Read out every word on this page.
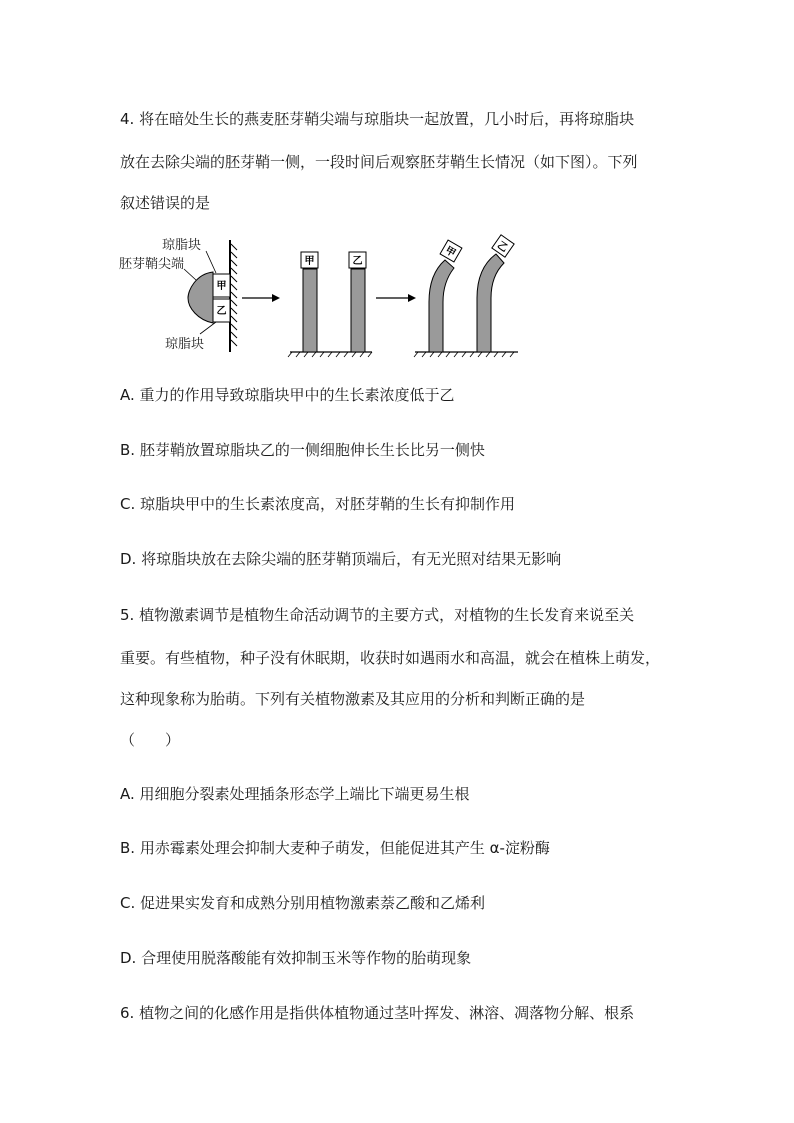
4. 将在暗处生长的燕麦胚芽鞘尖端与琼脂块一起放置，几小时后，再将琼脂块
放在去除尖端的胚芽鞘一侧，一段时间后观察胚芽鞘生长情况（如下图）。下列
叙述错误的是
甲
乙
琼脂块
胚芽鞘尖端
琼脂块
甲	乙
甲	乙
A. 重力的作用导致琼脂块甲中的生长素浓度低于乙
B. 胚芽鞘放置琼脂块乙的一侧细胞伸长生长比另一侧快
C. 琼脂块甲中的生长素浓度高，对胚芽鞘的生长有抑制作用
D. 将琼脂块放在去除尖端的胚芽鞘顶端后，有无光照对结果无影响
5. 植物激素调节是植物生命活动调节的主要方式，对植物的生长发育来说至关
重要。有些植物，种子没有休眠期，收获时如遇雨水和高温，就会在植株上萌发，
这种现象称为胎萌。下列有关植物激素及其应用的分析和判断正确的是
（　　）
A. 用细胞分裂素处理插条形态学上端比下端更易生根
B. 用赤霉素处理会抑制大麦种子萌发，但能促进其产生 α-淀粉酶
C. 促进果实发育和成熟分别用植物激素萘乙酸和乙烯利
D. 合理使用脱落酸能有效抑制玉米等作物的胎萌现象
6. 植物之间的化感作用是指供体植物通过茎叶挥发、淋溶、凋落物分解、根系
